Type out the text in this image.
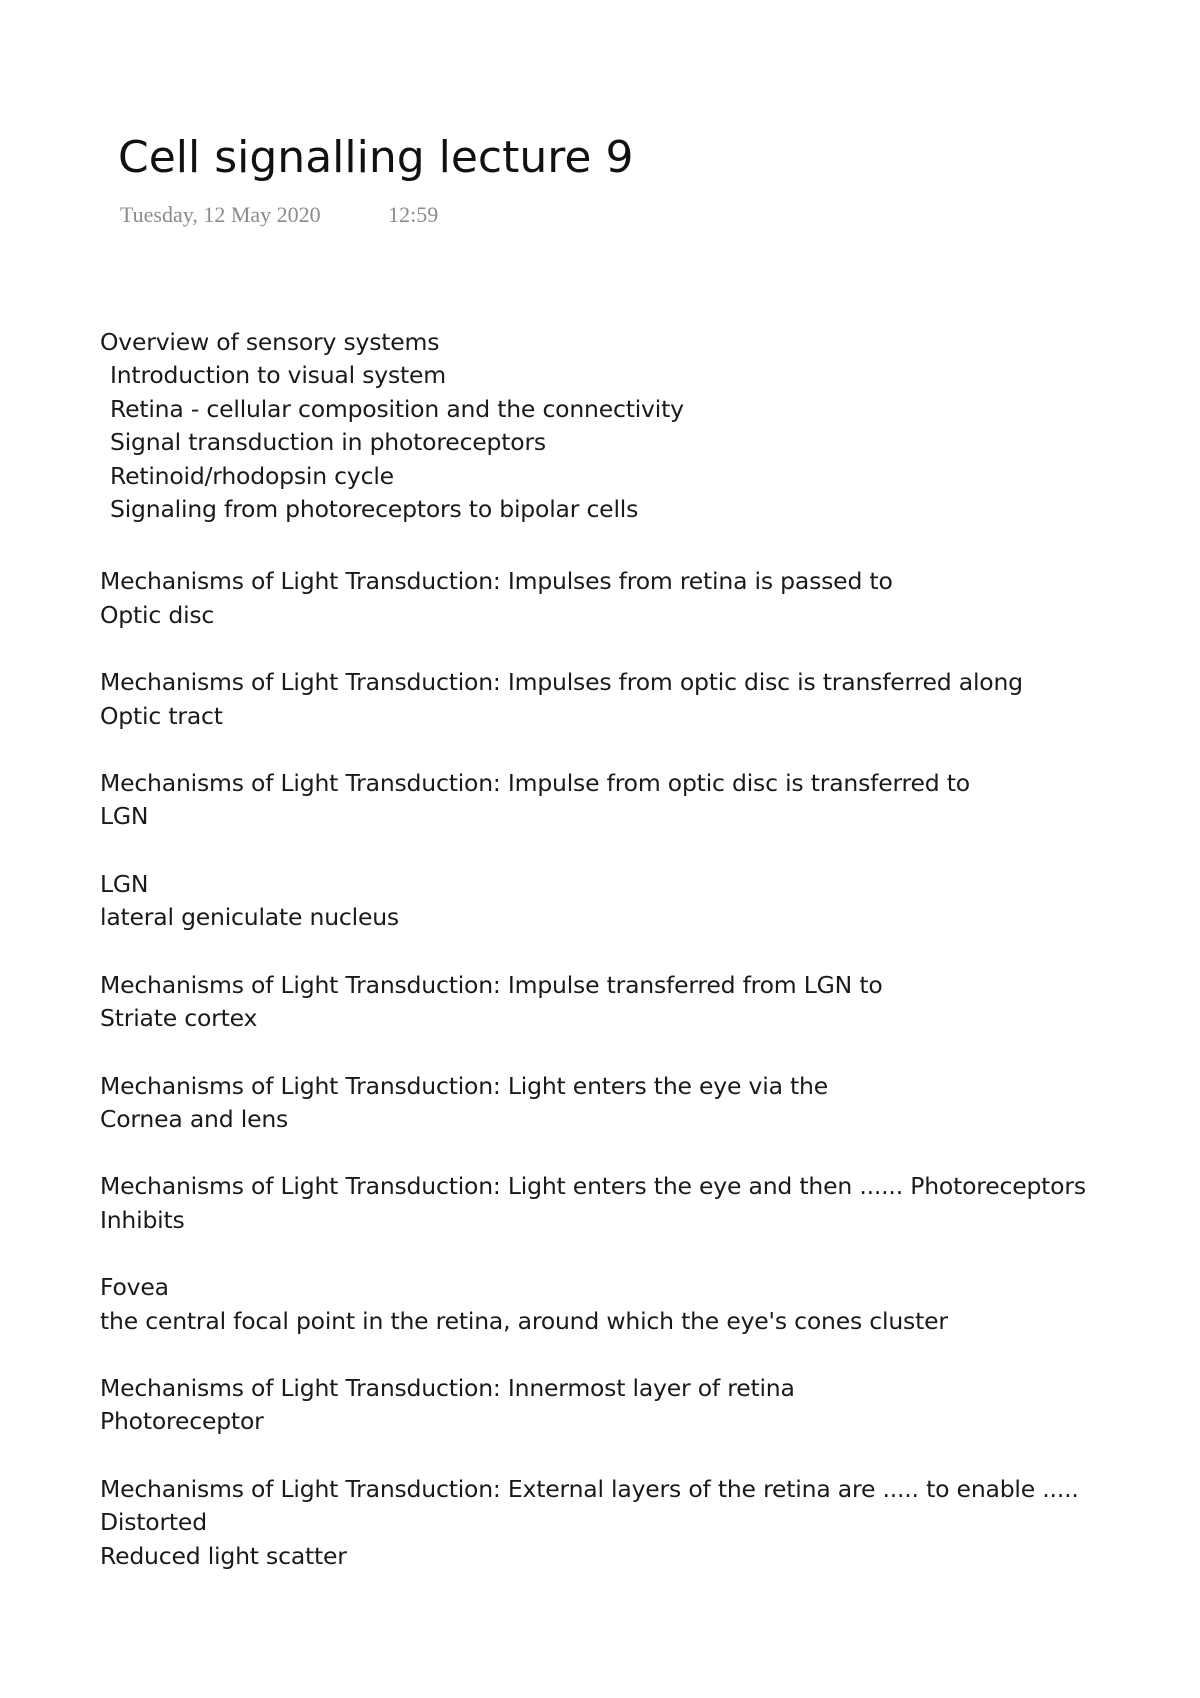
Cell signalling lecture 9
Tuesday, 12 May 2020	12:59

Overview of sensory systems

Introduction to visual system

Retina - cellular composition and the connectivity

Signal transduction in photoreceptors

Retinoid/rhodopsin cycle

Signaling from photoreceptors to bipolar cells

Mechanisms of Light Transduction: Impulses from retina is passed to

Optic disc

Mechanisms of Light Transduction: Impulses from optic disc is transferred along

Optic tract

Mechanisms of Light Transduction: Impulse from optic disc is transferred to

LGN

LGN

lateral geniculate nucleus

Mechanisms of Light Transduction: Impulse transferred from LGN to

Striate cortex

Mechanisms of Light Transduction: Light enters the eye via the

Cornea and lens

Mechanisms of Light Transduction: Light enters the eye and then ...... Photoreceptors

Inhibits

Fovea

the central focal point in the retina, around which the eye's cones cluster

Mechanisms of Light Transduction: Innermost layer of retina

Photoreceptor

Mechanisms of Light Transduction: External layers of the retina are ..... to enable .....

Distorted

Reduced light scatter
